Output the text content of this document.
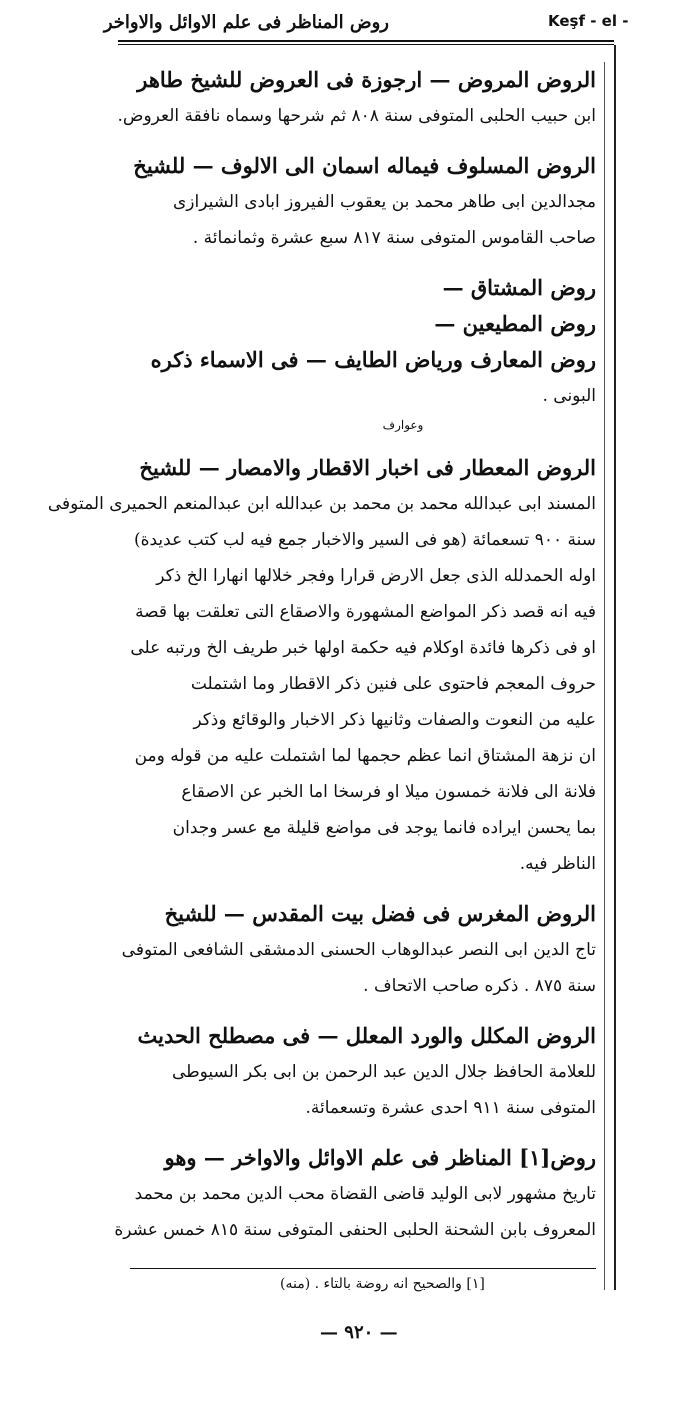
روض المناظر فى علم الاوائل والاواخر	Keşf - el -
الروض المروض — ارجوزة فى العروض للشيخ طاهر
ابن حبيب الحلبى المتوفى سنة ٨٠٨ ثم شرحها وسماه نافقة العروض.
الروض المسلوف فيماله اسمان الى الالوف — للشيخ
مجدالدين ابى طاهر محمد بن يعقوب الفيروز ابادى الشيرازى
صاحب القاموس المتوفى سنة ٨١٧ سبع عشرة وثمانمائة .
روض المشتاق —
روض المطيعين —
روض المعارف ورياض الطايف — فى الاسماء ذكره
البونى .
وعوارف
الروض المعطار فى اخبار الاقطار والامصار — للشيخ
المسند ابى عبدالله محمد بن محمد بن عبدالله ابن عبدالمنعم الحميرى المتوفى
سنة ٩٠٠ تسعمائة (هو فى السير والاخبار جمع فيه لب كتب عديدة)
اوله الحمدلله الذى جعل الارض قرارا وفجر خلالها انهارا الخ ذكر
فيه انه قصد ذكر المواضع المشهورة والاصقاع التى تعلقت بها قصة
او فى ذكرها فائدة اوكلام فيه حكمة اولها خبر طريف الخ ورتبه على
حروف المعجم فاحتوى على فنين ذكر الاقطار وما اشتملت
عليه من النعوت والصفات وثانيها ذكر الاخبار والوقائع وذكر
ان نزهة المشتاق انما عظم حجمها لما اشتملت عليه من قوله ومن
فلانة الى فلانة خمسون ميلا او فرسخا اما الخبر عن الاصقاع
بما يحسن ايراده فانما يوجد فى مواضع قليلة مع عسر وجدان
الناظر فيه.
الروض المغرس فى فضل بيت المقدس — للشيخ
تاج الدين ابى النصر عبدالوهاب الحسنى الدمشقى الشافعى المتوفى
سنة ٨٧٥ . ذكره صاحب الاتحاف .
الروض المكلل والورد المعلل — فى مصطلح الحديث
للعلامة الحافظ جلال الدين عبد الرحمن بن ابى بكر السيوطى
المتوفى سنة ٩١١ احدى عشرة وتسعمائة.
روض[١] المناظر فى علم الاوائل والاواخر — وهو
تاريخ مشهور لابى الوليد قاضى القضاة محب الدين محمد بن محمد
المعروف بابن الشحنة الحلبى الحنفى المتوفى سنة ٨١٥ خمس عشرة
[١] والصحيح انه روضة بالتاء . (منه)
— ٩٢٠ —
